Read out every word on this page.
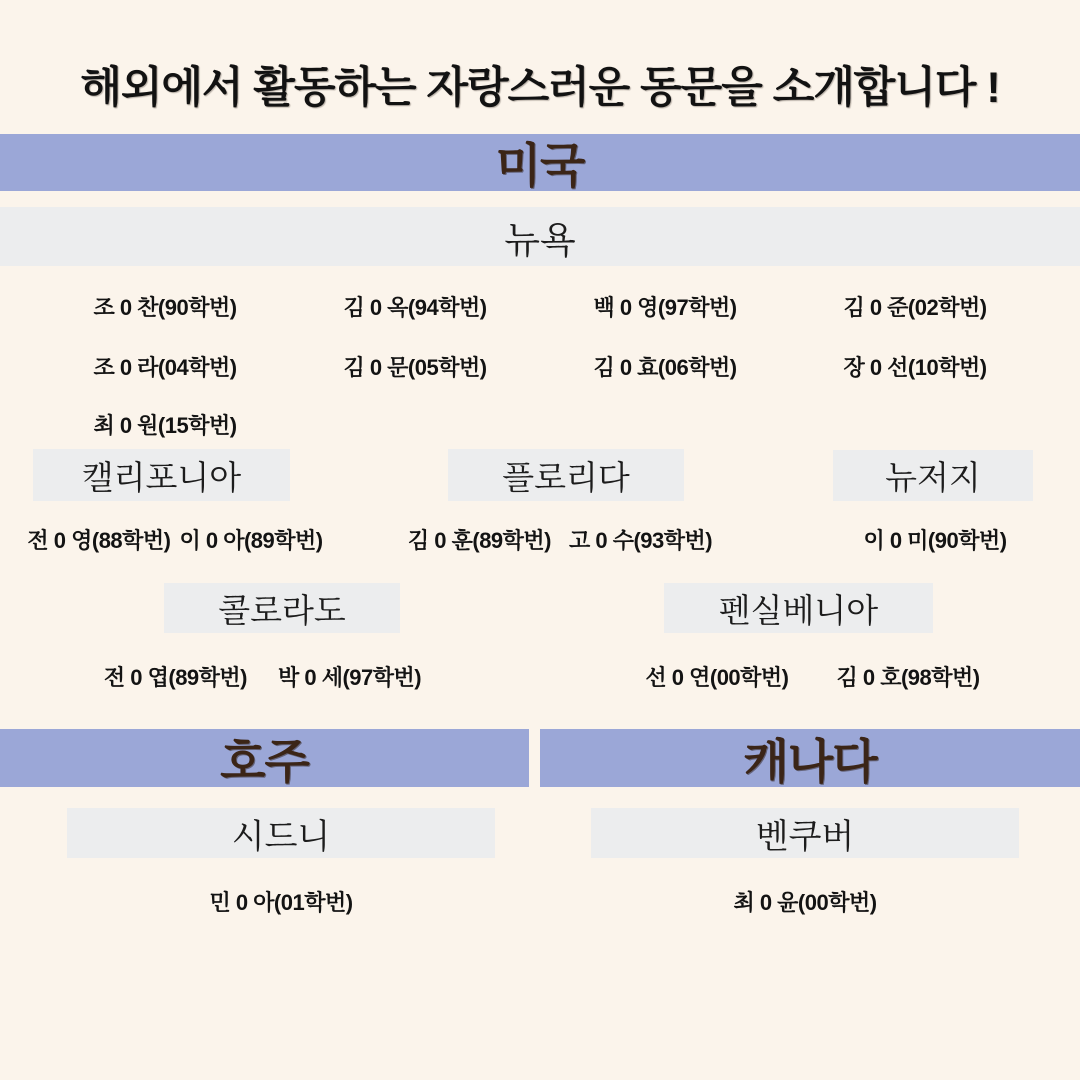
해외에서 활동하는 자랑스러운 동문을 소개합니다 !
미국
뉴욕
조 0 찬(90학번)	김 0 옥(94학번)	백 0 영(97학번)	김 0 준(02학번)
조 0 라(04학번)	김 0 문(05학번)	김 0 효(06학번)	장 0 선(10학번)
최 0 원(15학번)
캘리포니아	플로리다	뉴저지
전 0 영(88학번) 이 0 아(89학번)	김 0 훈(89학번) 고 0 수(93학번)	이 0 미(90학번)
콜로라도	펜실베니아
전 0 엽(89학번) 박 0 세(97학번)	선 0 연(00학번) 김 0 호(98학번)
호주	캐나다
시드니	벤쿠버
민 0 아(01학번)	최 0 윤(00학번)
